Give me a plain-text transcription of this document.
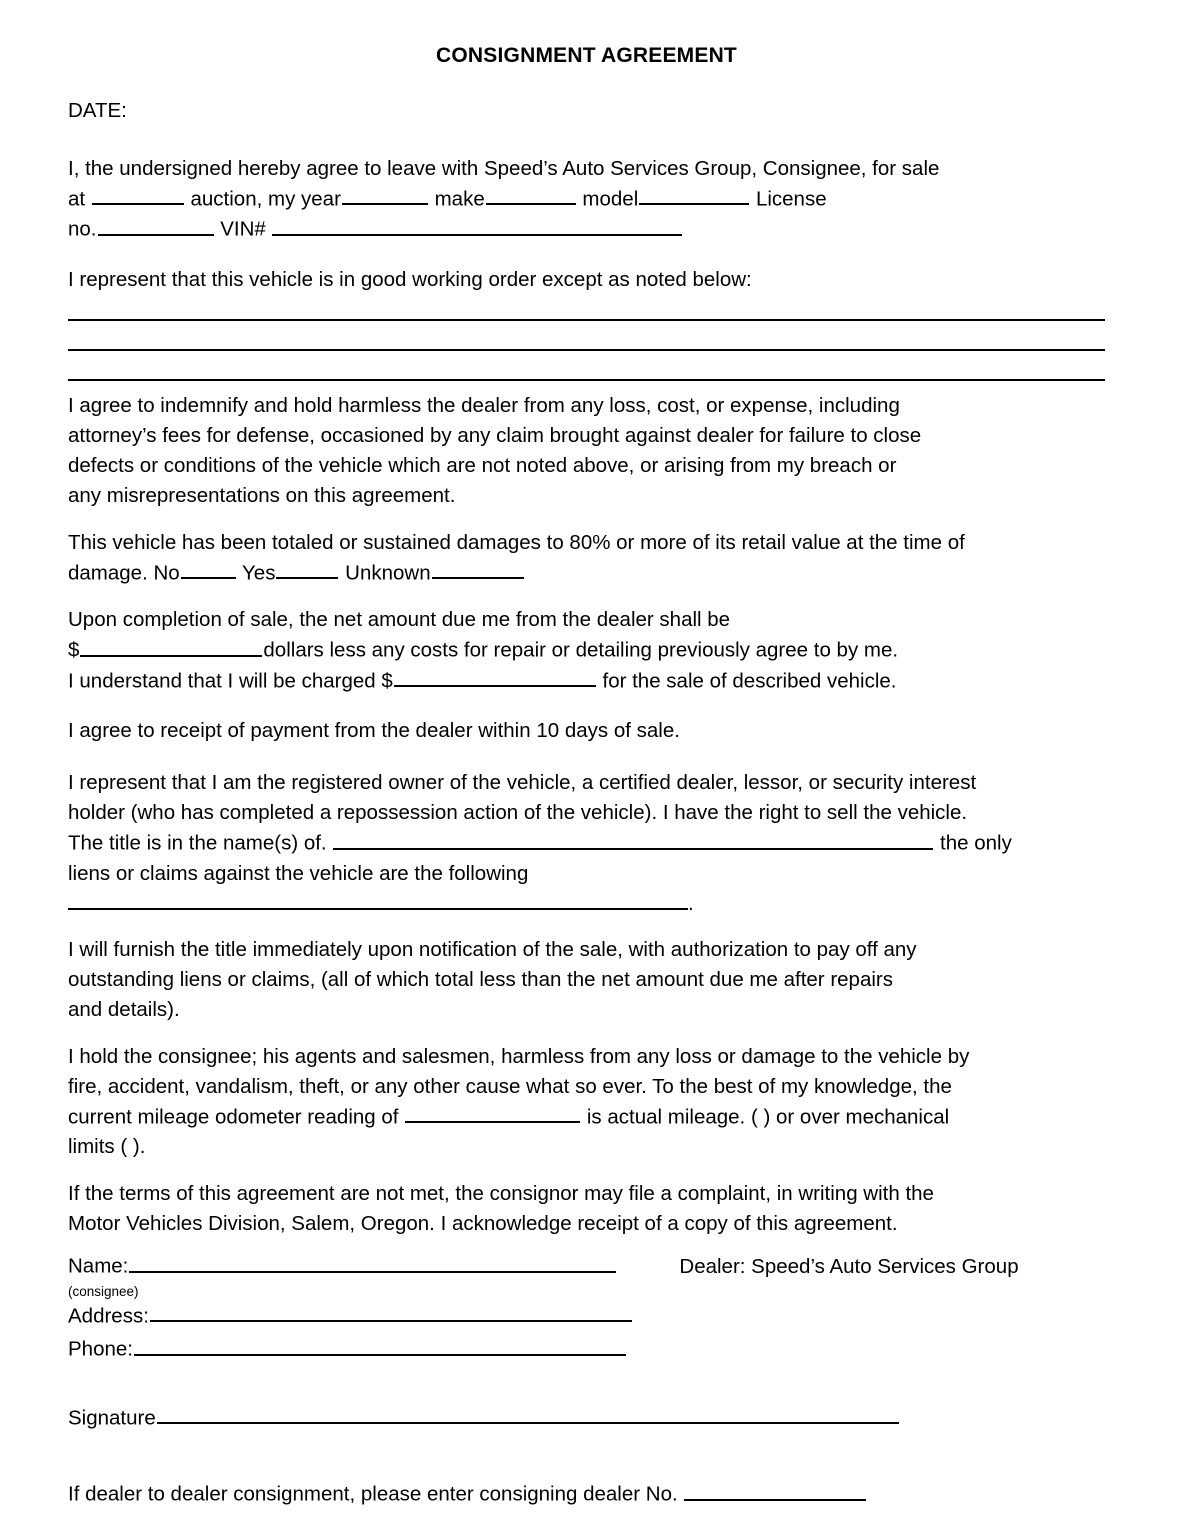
CONSIGNMENT AGREEMENT
DATE:
I, the undersigned hereby agree to leave with Speed’s Auto Services Group, Consignee, for sale
at	auction, my year	make	model	License
no.	VIN#
I represent that this vehicle is in good working order except as noted below:
I agree to indemnify and hold harmless the dealer from any loss, cost, or expense, including
attorney’s fees for defense, occasioned by any claim brought against dealer for failure to close
defects or conditions of the vehicle which are not noted above, or arising from my breach or
any misrepresentations on this agreement.
This vehicle has been totaled or sustained damages to 80% or more of its retail value at the time of
damage. No	Yes	Unknown
Upon completion of sale, the net amount due me from the dealer shall be
$	dollars less any costs for repair or detailing previously agree to by me.
I understand that I will be charged $	for the sale of described vehicle.
I agree to receipt of payment from the dealer within 10 days of sale.
I represent that I am the registered owner of the vehicle, a certified dealer, lessor, or security interest
holder (who has completed a repossession action of the vehicle). I have the right to sell the vehicle.
The title is in the name(s) of.	the only
liens or claims against the vehicle are the following
.
I will furnish the title immediately upon notification of the sale, with authorization to pay off any
outstanding liens or claims, (all of which total less than the net amount due me after repairs
and details).
I hold the consignee; his agents and salesmen, harmless from any loss or damage to the vehicle by
fire, accident, vandalism, theft, or any other cause what so ever. To the best of my knowledge, the
current mileage odometer reading of	is actual mileage. ( ) or over mechanical
limits ( ).
If the terms of this agreement are not met, the consignor may file a complaint, in writing with the
Motor Vehicles Division, Salem, Oregon. I acknowledge receipt of a copy of this agreement.
Name:	Dealer: Speed’s Auto Services Group
(consignee)
Address:
Phone:
Signature
If dealer to dealer consignment, please enter consigning dealer No.
